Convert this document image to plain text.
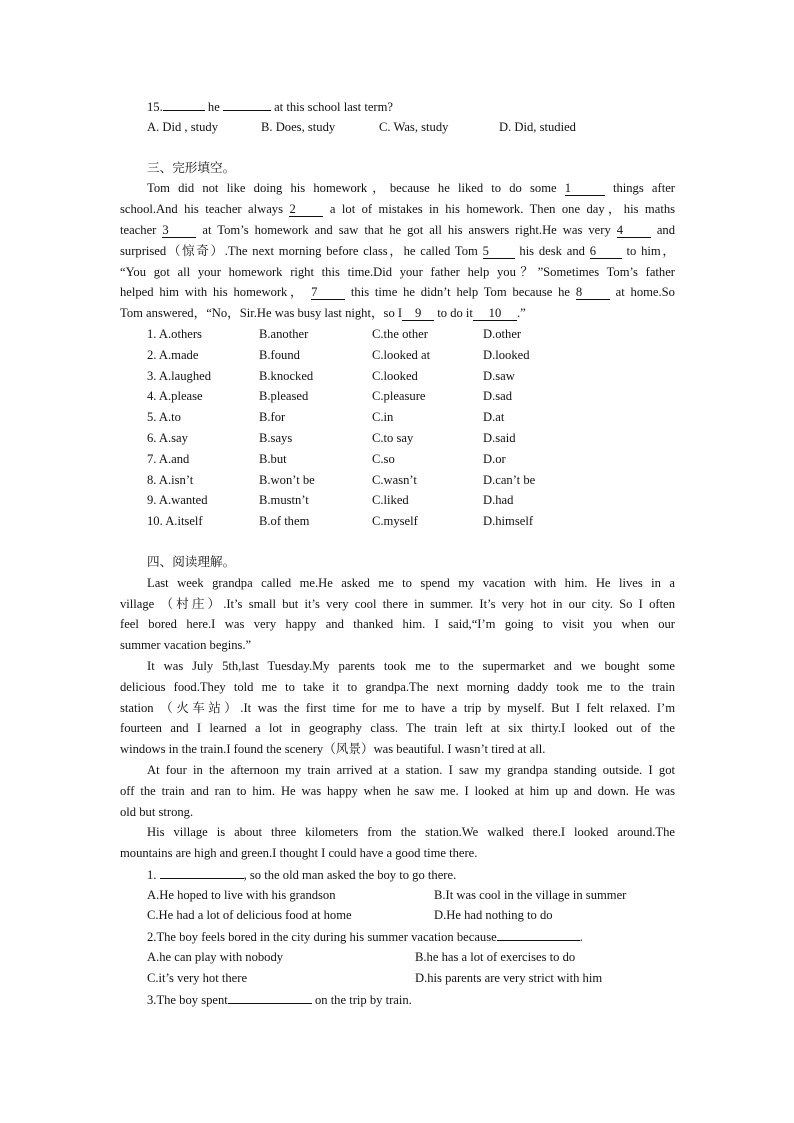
15.	he	at this school last term?
A. Did , study	B. Does, study	C. Was, study	D. Did, studied
三、完形填空。
Tom did not like doing his homework，because he liked to do some 1	things after
school.And his teacher always 2	a lot of mistakes in his homework. Then one day，his maths
teacher 3	at Tom’s homework and saw that he got all his answers right.He was very 4	and
surprised（惊奇）.The next morning before class，he called Tom 5 his desk and 6 to him，
“You got all your homework right this time.Did your father help you？”Sometimes Tom’s father
helped him with his homework， 7	this time he didn’t help Tom because he 8	at home.So
Tom answered，“No，Sir.He was busy last night，so I 9 to do it 10 .”
1. A.others	B.another	C.the other	D.other
2. A.made	B.found	C.looked at	D.looked
3. A.laughed	B.knocked	C.looked	D.saw
4. A.please	B.pleased	C.pleasure	D.sad
5. A.to	B.for	C.in	D.at
6. A.say	B.says	C.to say	D.said
7. A.and	B.but	C.so	D.or
8. A.isn’t	B.won’t be	C.wasn’t	D.can’t be
9. A.wanted	B.mustn’t	C.liked	D.had
10. A.itself	B.of them	C.myself	D.himself
四、阅读理解。
Last week grandpa called me.He asked me to spend my vacation with him. He lives in a
village （村庄）.It’s small but it’s very cool there in summer. It’s very hot in our city. So I often
feel bored here.I was very happy and thanked him. I said,“I’m going to visit you when our
summer vacation begins.”
It was July 5th,last Tuesday.My parents took me to the supermarket and we bought some
delicious food.They told me to take it to grandpa.The next morning daddy took me to the train
station （火车站）.It was the first time for me to have a trip by myself. But I felt relaxed. I’m
fourteen and I learned a lot in geography class. The train left at six thirty.I looked out of the
windows in the train.I found the scenery（风景）was beautiful. I wasn’t tired at all.
At four in the afternoon my train arrived at a station. I saw my grandpa standing outside. I got
off the train and ran to him. He was happy when he saw me. I looked at him up and down. He was
old but strong.
His village is about three kilometers from the station.We walked there.I looked around.The
mountains are high and green.I thought I could have a good time there.
1.	, so the old man asked the boy to go there.
A.He hoped to live with his grandson	B.It was cool in the village in summer
C.He had a lot of delicious food at home	D.He had nothing to do
2.The boy feels bored in the city during his summer vacation because	.
A.he can play with nobody	B.he has a lot of exercises to do
C.it’s very hot there	D.his parents are very strict with him
3.The boy spent	on the trip by train.
